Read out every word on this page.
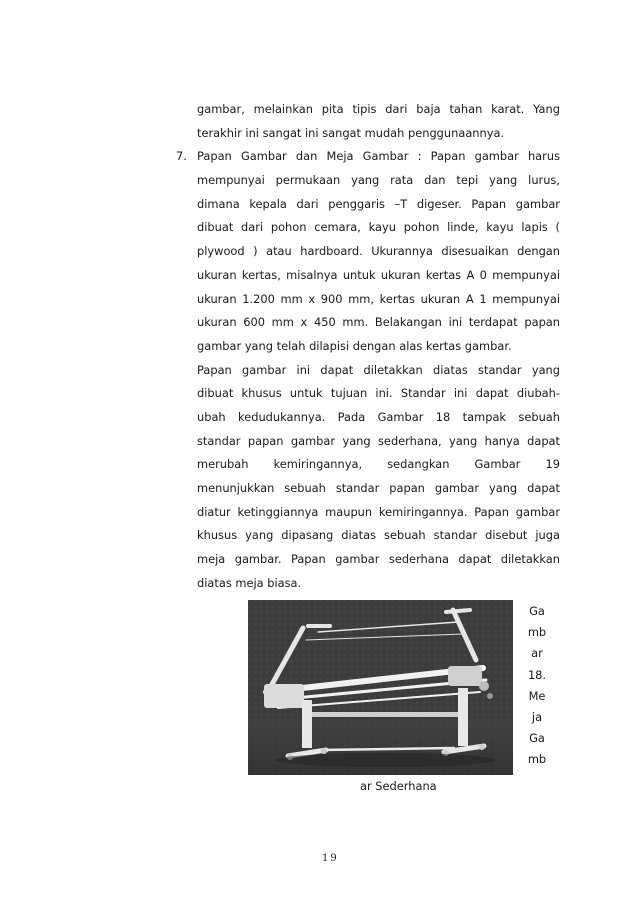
gambar, melainkan pita tipis dari baja tahan karat. Yang
terakhir ini sangat ini sangat mudah penggunaannya.
7. Papan Gambar dan Meja Gambar : Papan gambar harus
mempunyai permukaan yang rata dan tepi yang lurus,
dimana kepala dari penggaris –T digeser. Papan gambar
dibuat dari pohon cemara, kayu pohon linde, kayu lapis (
plywood ) atau hardboard. Ukurannya disesuaikan dengan
ukuran kertas, misalnya untuk ukuran kertas A 0 mempunyai
ukuran 1.200 mm x 900 mm, kertas ukuran A 1 mempunyai
ukuran 600 mm x 450 mm. Belakangan ini terdapat papan
gambar yang telah dilapisi dengan alas kertas gambar.
Papan gambar ini dapat diletakkan diatas standar yang
dibuat khusus untuk tujuan ini. Standar ini dapat diubah-
ubah kedudukannya. Pada Gambar 18 tampak sebuah
standar papan gambar yang sederhana, yang hanya dapat
merubah kemiringannya, sedangkan Gambar 19
menunjukkan sebuah standar papan gambar yang dapat
diatur ketinggiannya maupun kemiringannya. Papan gambar
khusus yang dipasang diatas sebuah standar disebut juga
meja gambar. Papan gambar sederhana dapat diletakkan
diatas meja biasa.
Ga
mb
ar
18.
Me
ja
Ga
mb
ar Sederhana
19
